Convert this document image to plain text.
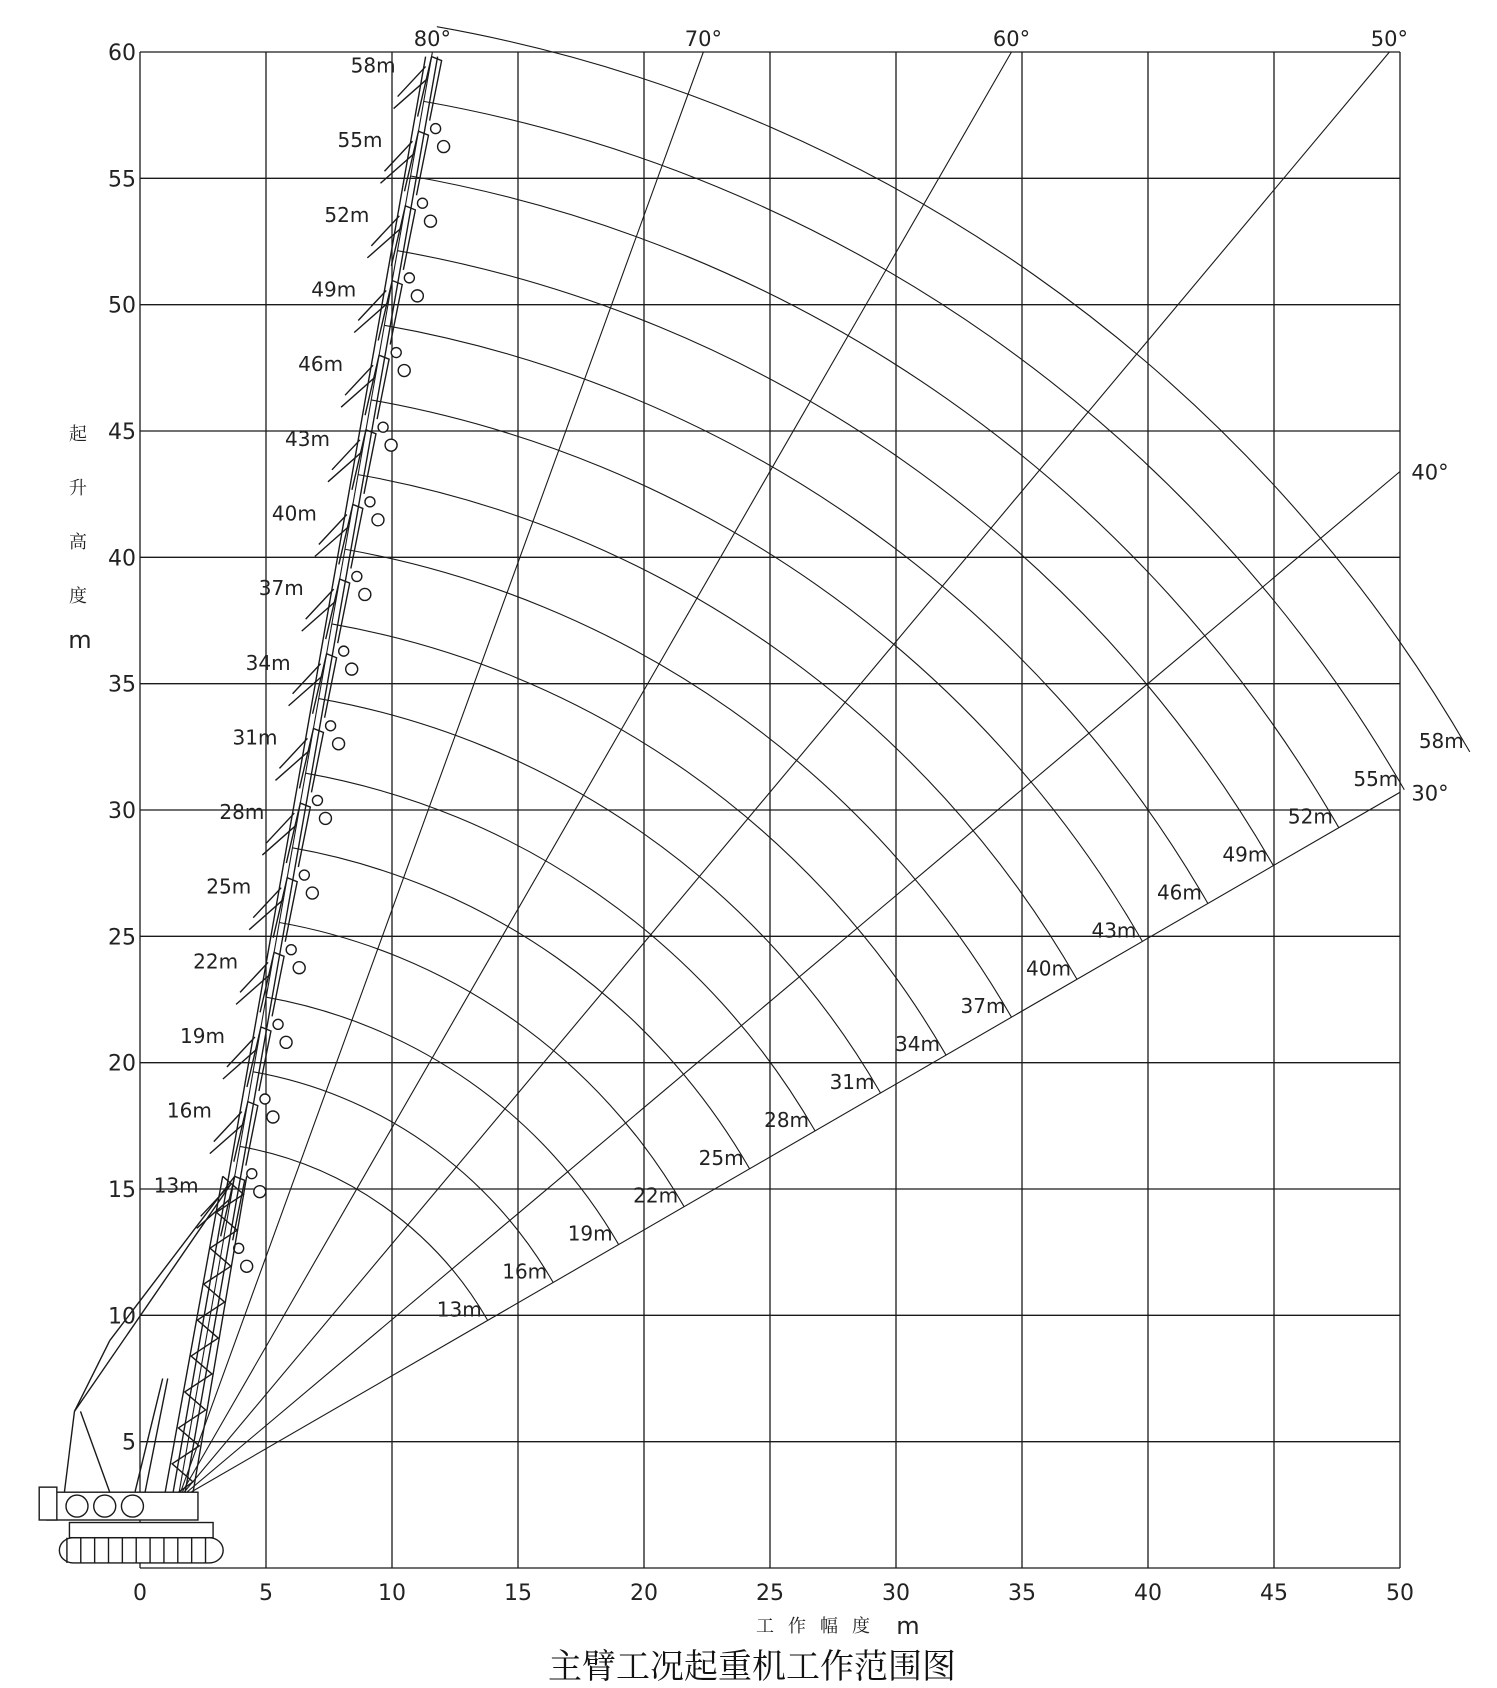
0	5	10	15	20	25	30	35	40	45	50
5
10
15
20
25
30
35
40
45
50
55
60
80°	70°	60°	50°
40°
30°
13m
13m
16m
16m
19m
19m
22m
22m
25m
25m
28m
28m
31m
31m
34m
34m
37m
37m
40m
40m
43m
43m
46m
46m
49m
49m
52m
52m
55m
55m
58m
58m
起升高度
m
工作幅度 m
主臂工况起重机工作范围图
